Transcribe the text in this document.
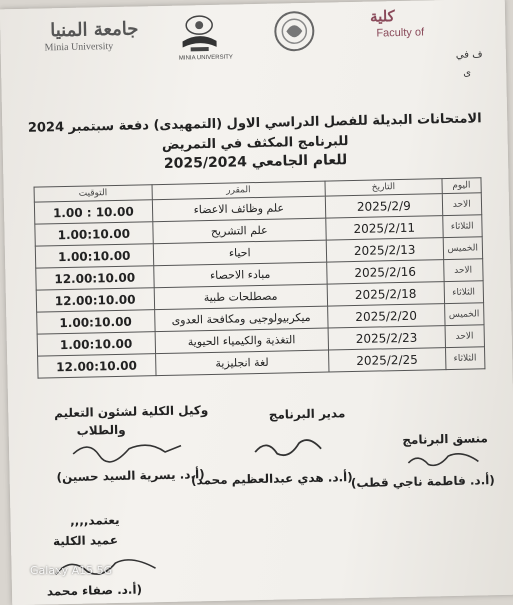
جامعة المنيا
Minia University
MINIA UNIVERSITY
كلية
Faculty of
ف في
ى
الامتحانات البديلة للفصل الدراسي الاول (التمهيدى) دفعة سبتمبر 2024
للبرنامج المكثف في التمريض
للعام الجامعي 2025/2024
اليوم	التاريخ	المقرر	التوقيت
الاحد	2025/2/9	علم وظائف الاعضاء	1.00 : 10.00
الثلاثاء	2025/2/11	علم التشريح	1.00:10.00
الخميس	2025/2/13	احياء	1.00:10.00
الاحد	2025/2/16	مبادء الاحصاء	12.00:10.00
الثلاثاء	2025/2/18	مصطلحات طبية	12.00:10.00
الخميس	2025/2/20	ميكربيولوجيى ومكافحة العدوى	1.00:10.00
الاحد	2025/2/23	التغذية والكيمياء الحيوية	1.00:10.00
الثلاثاء	2025/2/25	لغة انجليزية	12.00:10.00
وكيل الكلية لشئون التعليم
والطلاب
(أ.د. يسرية السيد حسين)
مدير البرنامج
(أ.د. هدي عبدالعظيم محمد)
منسق البرنامج
(أ.د. فاطمة ناجي قطب)
يعتمد,,,,
عميد الكلية
(أ.د. صفاء محمد
Galaxy A15 5G
